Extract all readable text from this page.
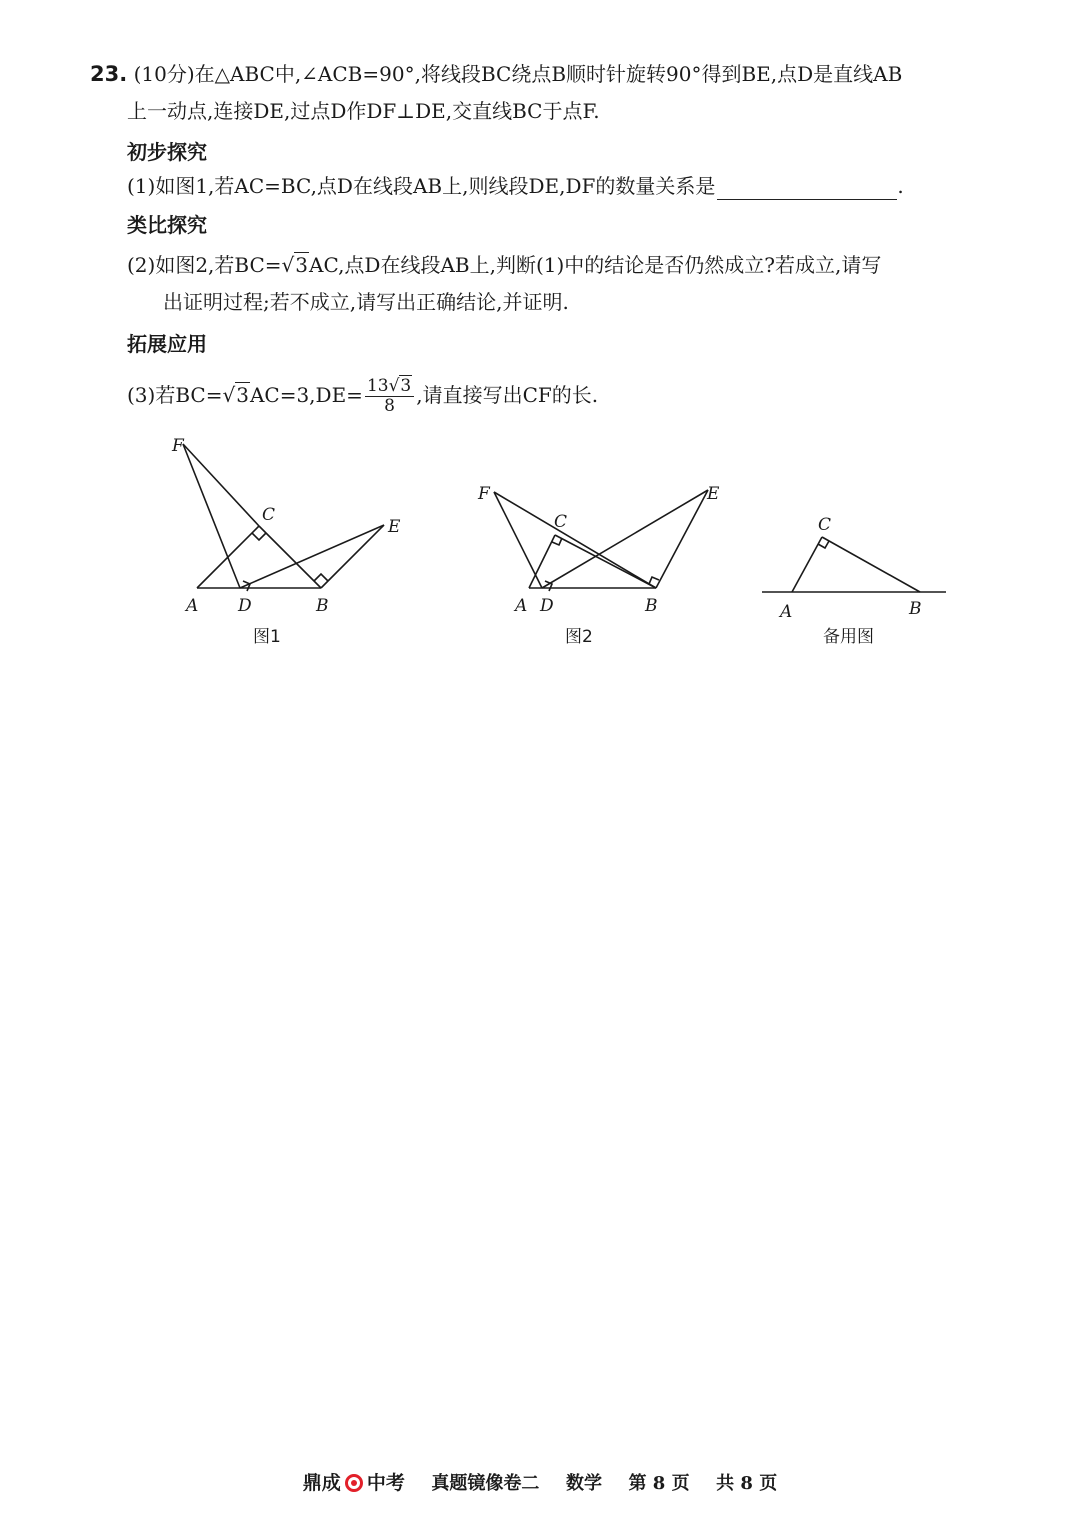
23. (10分)在△ABC中,∠ACB=90°,将线段BC绕点B顺时针旋转90°得到BE,点D是直线AB
上一动点,连接DE,过点D作DF⊥DE,交直线BC于点F.
初步探究
(1)如图1,若AC=BC,点D在线段AB上,则线段DE,DF的数量关系是	.
类比探究
(2)如图2,若BC=√3AC,点D在线段AB上,判断(1)中的结论是否仍然成立?若成立,请写
出证明过程;若不成立,请写出正确结论,并证明.
拓展应用
(3)若$BC=√3AC=3,DE= \frac{13√3}{8}$ ,请直接写出CF的长.
F
C
E
A D	B
图1
F
C
E
A D	B
图2
C
A	B
备用图
鼎成 中考 真题镜像卷二 数学 第 8 页 共 8 页
